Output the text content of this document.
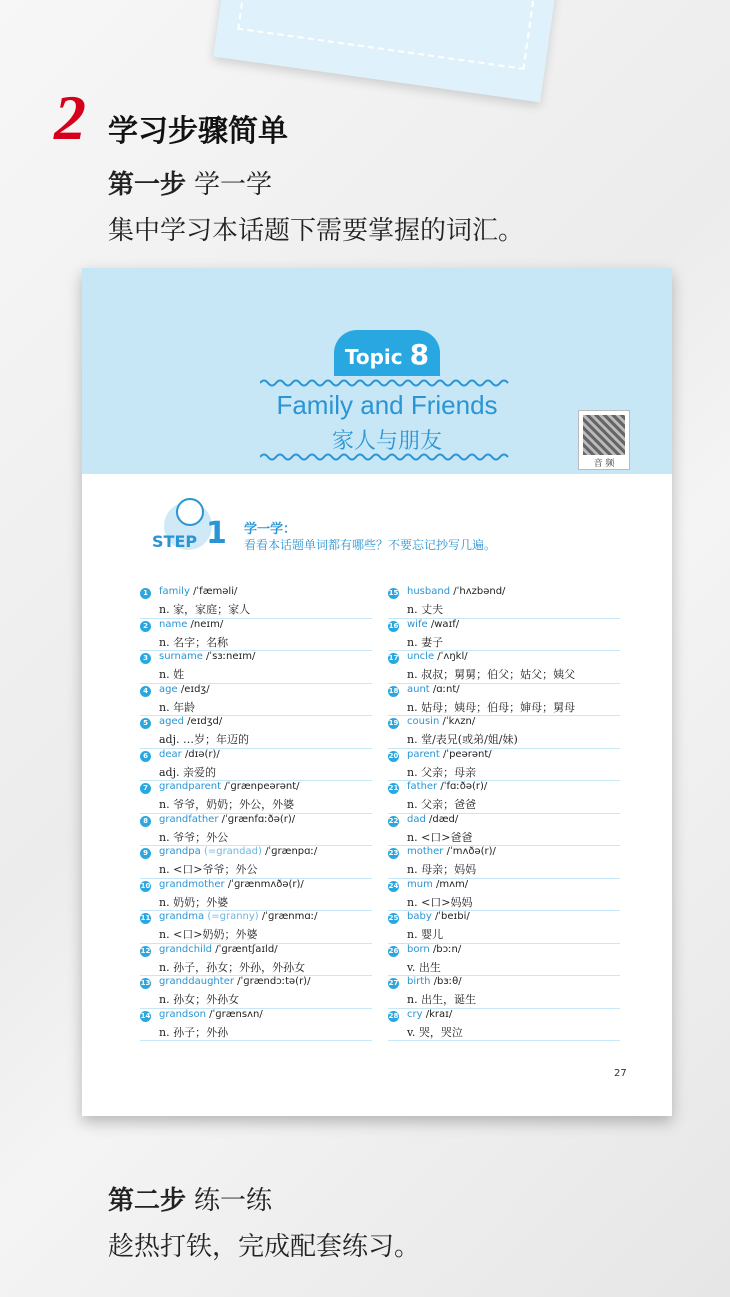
2 学习步骤简单
第一步 学一学
集中学习本话题下需要掌握的词汇。
Topic 8
Family and Friends
家人与朋友
音 频
STEP 1 学一学：
看看本话题单词都有哪些？不要忘记抄写几遍。
1	family /ˈfæməli/
n. 家，家庭；家人
2	name /neɪm/
n. 名字；名称
3	surname /ˈsɜːneɪm/
n. 姓
4	age /eɪdʒ/
n. 年龄
5	aged /eɪdʒd/
adj. …岁；年迈的
6	dear /dɪə(r)/
adj. 亲爱的
7	grandparent /ˈɡrænpeərənt/
n. 爷爷，奶奶；外公，外婆
8	grandfather /ˈɡrænfɑːðə(r)/
n. 爷爷；外公
9	grandpa (=grandad) /ˈɡrænpɑː/
n. <口>爷爷；外公
10 grandmother /ˈɡrænmʌðə(r)/
n. 奶奶；外婆
11 grandma (=granny) /ˈɡrænmɑː/
n. <口>奶奶；外婆
12 grandchild /ˈɡræntʃaɪld/
n. 孙子，孙女；外孙，外孙女
13 granddaughter /ˈɡrændɔːtə(r)/
n. 孙女；外孙女
14 grandson /ˈɡrænsʌn/
n. 孙子；外孙
15 husband /ˈhʌzbənd/
n. 丈夫
16 wife /waɪf/
n. 妻子
17 uncle /ˈʌŋkl/
n. 叔叔；舅舅；伯父；姑父；姨父
18 aunt /ɑːnt/
n. 姑母；姨母；伯母；婶母；舅母
19 cousin /ˈkʌzn/
n. 堂/表兄(或弟/姐/妹)
20 parent /ˈpeərənt/
n. 父亲；母亲
21 father /ˈfɑːðə(r)/
n. 父亲；爸爸
22 dad /dæd/
n. <口>爸爸
23 mother /ˈmʌðə(r)/
n. 母亲；妈妈
24 mum /mʌm/
n. <口>妈妈
25 baby /ˈbeɪbi/
n. 婴儿
26 born /bɔːn/
v. 出生
27 birth /bɜːθ/
n. 出生，诞生
28 cry /kraɪ/
v. 哭，哭泣
27
第二步 练一练
趁热打铁，完成配套练习。
